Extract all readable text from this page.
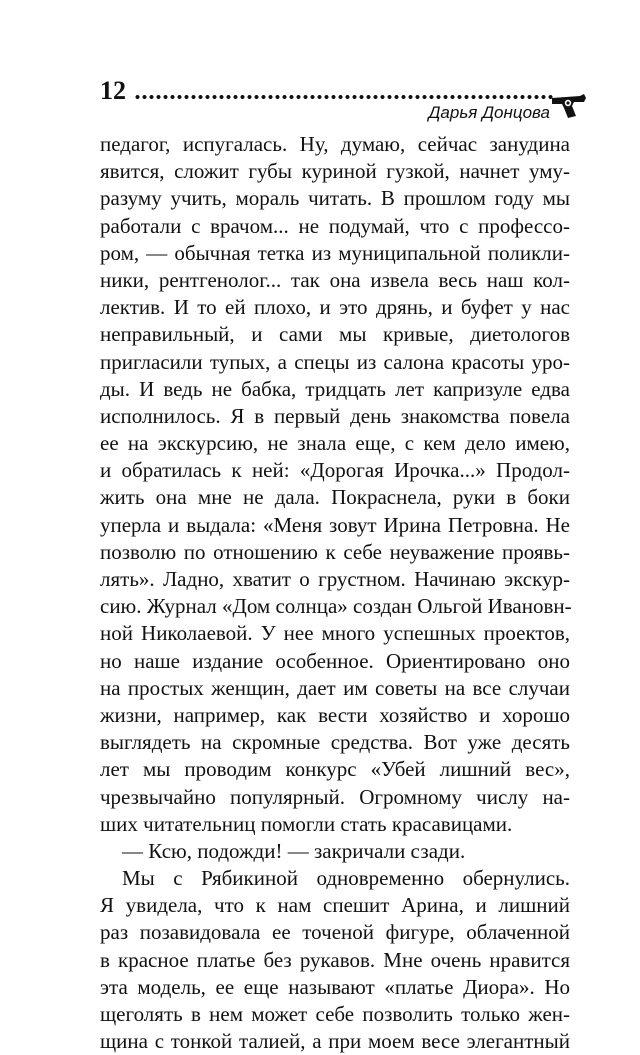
12
Дарья Донцова
педагог, испугалась. Ну, думаю, сейчас занудина
явится, сложит губы куриной гузкой, начнет уму-
разуму учить, мораль читать. В прошлом году мы
работали с врачом... не подумай, что с профессо-
ром, — обычная тетка из муниципальной поликли-
ники, рентгенолог... так она извела весь наш кол-
лектив. И то ей плохо, и это дрянь, и буфет у нас
неправильный, и сами мы кривые, диетологов
пригласили тупых, а спецы из салона красоты уро-
ды. И ведь не бабка, тридцать лет капризуле едва
исполнилось. Я в первый день знакомства повела
ее на экскурсию, не знала еще, с кем дело имею,
и обратилась к ней: «Дорогая Ирочка...» Продол-
жить она мне не дала. Покраснела, руки в боки
уперла и выдала: «Меня зовут Ирина Петровна. Не
позволю по отношению к себе неуважение проявь-
лять». Ладно, хватит о грустном. Начинаю экскур-
сию. Журнал «Дом солнца» создан Ольгой Ивановн-
ной Николаевой. У нее много успешных проектов,
но наше издание особенное. Ориентировано оно
на простых женщин, дает им советы на все случаи
жизни, например, как вести хозяйство и хорошо
выглядеть на скромные средства. Вот уже десять
лет мы проводим конкурс «Убей лишний вес»,
чрезвычайно популярный. Огромному числу на-
ших читательниц помогли стать красавицами.
— Ксю, подожди! — закричали сзади.
Мы с Рябикиной одновременно обернулись.
Я увидела, что к нам спешит Арина, и лишний
раз позавидовала ее точеной фигуре, облаченной
в красное платье без рукавов. Мне очень нравится
эта модель, ее еще называют «платье Диора». Но
щеголять в нем может себе позволить только жен-
щина с тонкой талией, а при моем весе элегантный
